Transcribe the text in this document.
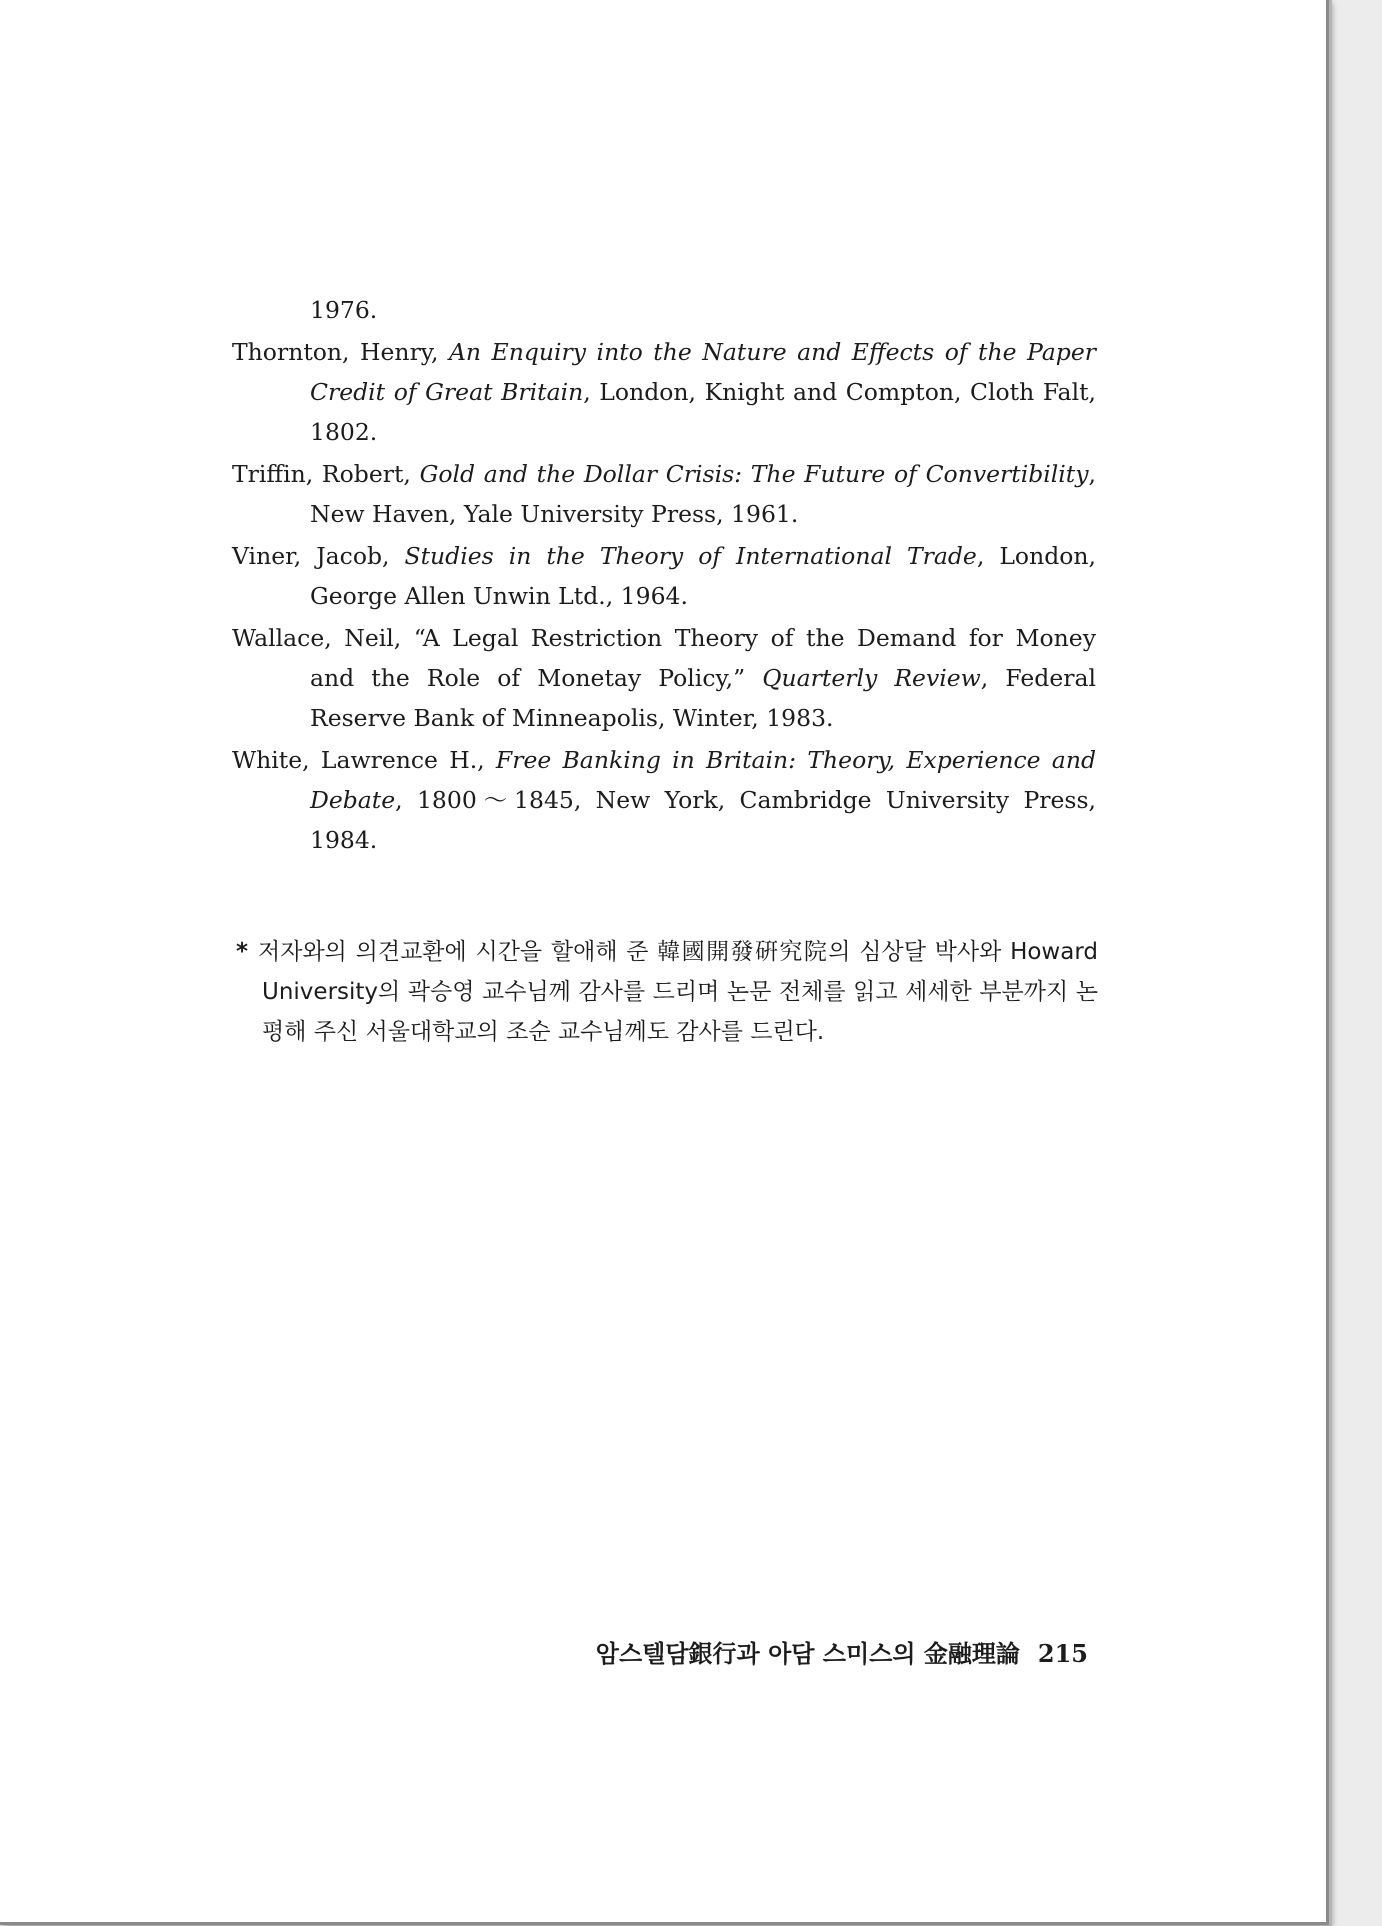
1976.
Thornton, Henry, An Enquiry into the Nature and Effects of the Paper Credit of Great Britain, London, Knight and Compton, Cloth Falt, 1802.
Triffin, Robert, Gold and the Dollar Crisis: The Future of Convertibility, New Haven, Yale University Press, 1961.
Viner, Jacob, Studies in the Theory of International Trade, London, George Allen Unwin Ltd., 1964.
Wallace, Neil, “A Legal Restriction Theory of the Demand for Money and the Role of Monetay Policy,” Quarterly Review, Federal Reserve Bank of Minneapolis, Winter, 1983.
White, Lawrence H., Free Banking in Britain: Theory, Experience and Debate, 1800～1845, New York, Cambridge University Press, 1984.
* 저자와의 의견교환에 시간을 할애해 준 韓國開發硏究院의 심상달 박사와 Howard University의 곽승영 교수님께 감사를 드리며 논문 전체를 읽고 세세한 부분까지 논평해 주신 서울대학교의 조순 교수님께도 감사를 드린다.
암스텔담銀行과 아담 스미스의 金融理論 215
